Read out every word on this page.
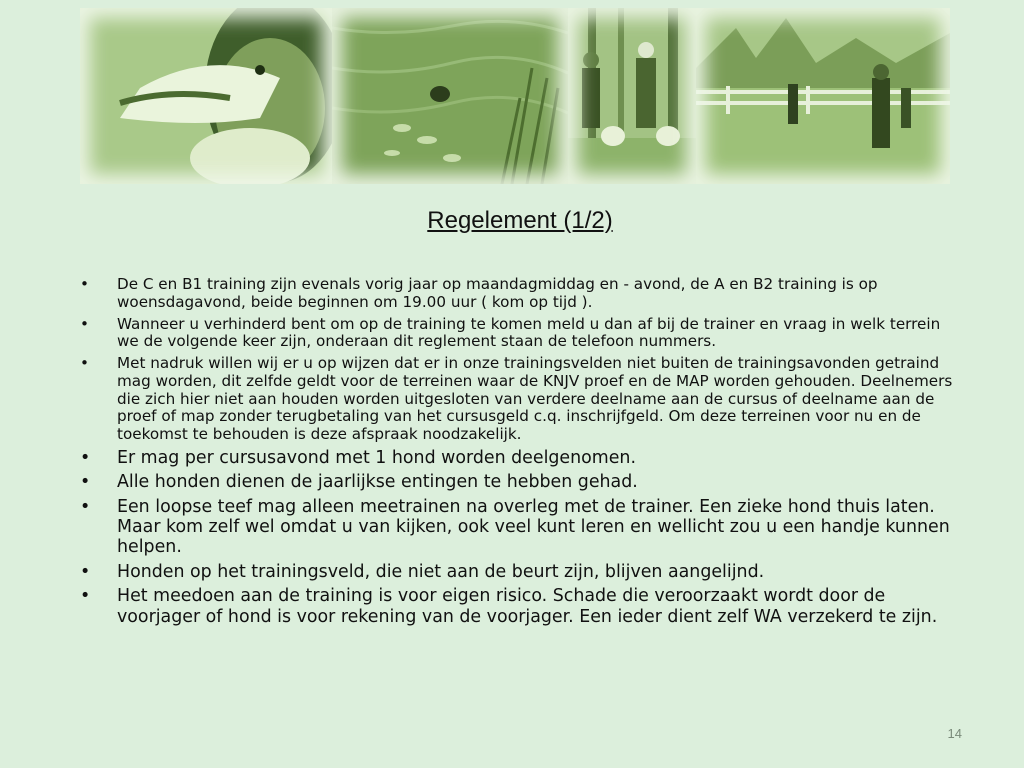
Regelement (1/2)
• De C en B1 training zijn evenals vorig jaar op maandagmiddag en - avond, de A en B2 training is op woensdagavond, beide beginnen om 19.00 uur ( kom op tijd ).
• Wanneer u verhinderd bent om op de training te komen meld u dan af bij de trainer en vraag in welk terrein we de volgende keer zijn, onderaan dit reglement staan de telefoon nummers.
• Met nadruk willen wij er u op wijzen dat er in onze trainingsvelden niet buiten de trainingsavonden getraind mag worden, dit zelfde geldt voor de terreinen waar de KNJV proef en de MAP worden gehouden. Deelnemers die zich hier niet aan houden worden uitgesloten van verdere deelname aan de cursus of deelname aan de proef of map zonder terugbetaling van het cursusgeld c.q. inschrijfgeld. Om deze terreinen voor nu en de toekomst te behouden is deze afspraak noodzakelijk.
• Er mag per cursusavond met 1 hond worden deelgenomen.
• Alle honden dienen de jaarlijkse entingen te hebben gehad.
• Een loopse teef mag alleen meetrainen na overleg met de trainer. Een zieke hond thuis laten. Maar kom zelf wel omdat u van kijken, ook veel kunt leren en wellicht zou u een handje kunnen helpen.
• Honden op het trainingsveld, die niet aan de beurt zijn, blijven aangelijnd.
• Het meedoen aan de training is voor eigen risico. Schade die veroorzaakt wordt door de voorjager of hond is voor rekening van de voorjager. Een ieder dient zelf WA verzekerd te zijn.
14
